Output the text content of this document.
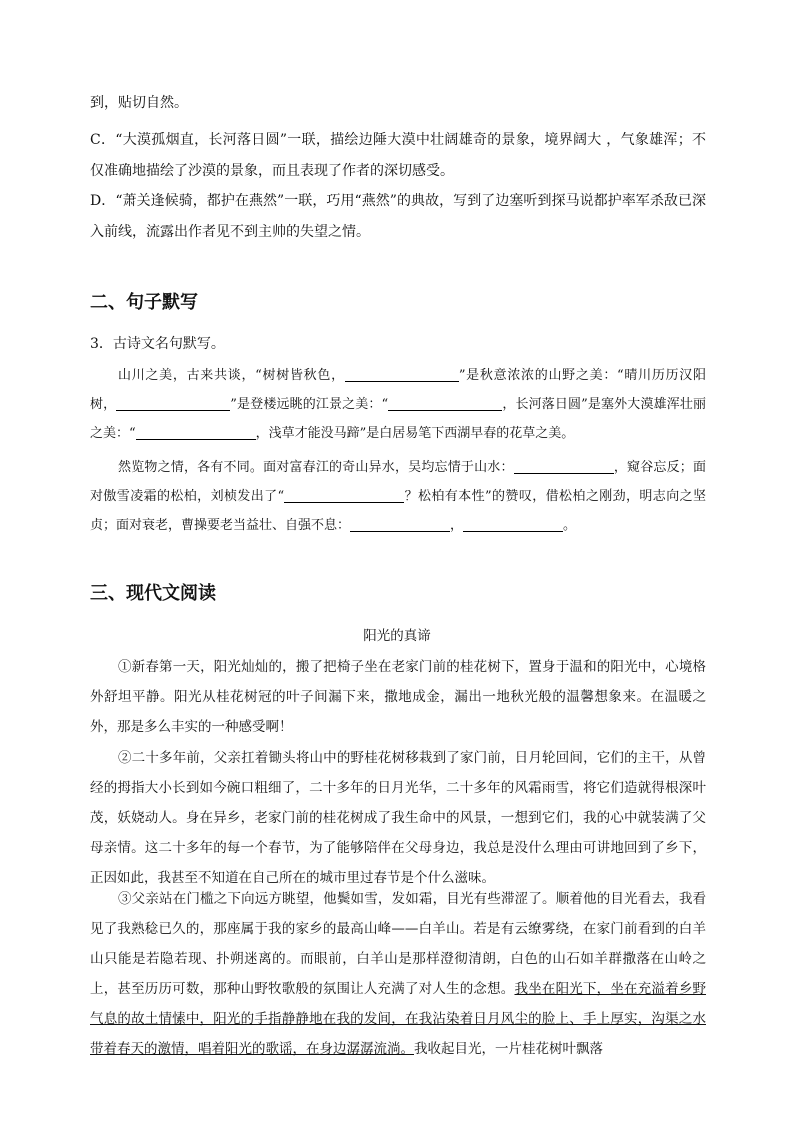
到，贴切自然。
C．“大漠孤烟直，长河落日圆”一联，描绘边陲大漠中壮阔雄奇的景象，境界阔大 ，气象雄浑；不仅准确地描绘了沙漠的景象，而且表现了作者的深切感受。
D．“萧关逢候骑，都护在燕然”一联，巧用“燕然”的典故，写到了边塞听到探马说都护率军杀敌已深入前线，流露出作者见不到主帅的失望之情。
二、句子默写
3．古诗文名句默写。
山川之美，古来共谈，“树树皆秋色，	”是秋意浓浓的山野之美：“晴川历历汉阳树，	”是登楼远眺的江景之美：“	，长河落日圆”是塞外大漠雄浑壮丽之美：“	，浅草才能没马蹄”是白居易笔下西湖早春的花草之美。
然览物之情，各有不同。面对富春江的奇山异水，吴均忘情于山水：	，窥谷忘反；面对傲雪凌霜的松柏，刘桢发出了“	？松柏有本性”的赞叹，借松柏之刚劲，明志向之坚贞；面对衰老，曹操要老当益壮、自强不息：	，	。
三、现代文阅读
阳光的真谛
①新春第一天，阳光灿灿的，搬了把椅子坐在老家门前的桂花树下，置身于温和的阳光中，心境格外舒坦平静。阳光从桂花树冠的叶子间漏下来，撒地成金，漏出一地秋光般的温馨想象来。在温暖之外，那是多么丰实的一种感受啊！
②二十多年前，父亲扛着锄头将山中的野桂花树移栽到了家门前，日月轮回间，它们的主干，从曾经的拇指大小长到如今碗口粗细了，二十多年的日月光华，二十多年的风霜雨雪，将它们造就得根深叶茂，妖娆动人。身在异乡，老家门前的桂花树成了我生命中的风景，一想到它们，我的心中就装满了父母亲情。这二十多年的每一个春节，为了能够陪伴在父母身边，我总是没什么理由可讲地回到了乡下，正因如此，我甚至不知道在自己所在的城市里过春节是个什么滋味。
③父亲站在门槛之下向远方眺望，他鬓如雪，发如霜，目光有些滞涩了。顺着他的目光看去，我看见了我熟稔已久的，那座属于我的家乡的最高山峰——白羊山。若是有云缭雾绕，在家门前看到的白羊山只能是若隐若现、扑朔迷离的。而眼前，白羊山是那样澄彻清朗，白色的山石如羊群撒落在山岭之上，甚至历历可数，那种山野牧歌般的氛围让人充满了对人生的念想。我坐在阳光下，坐在充溢着乡野气息的故土情愫中，阳光的手指静静地在我的发间，在我沾染着日月风尘的脸上、手上厚实，沟渠之水带着春天的激情，唱着阳光的歌谣，在身边潺潺流淌。我收起目光，一片桂花树叶飘落
